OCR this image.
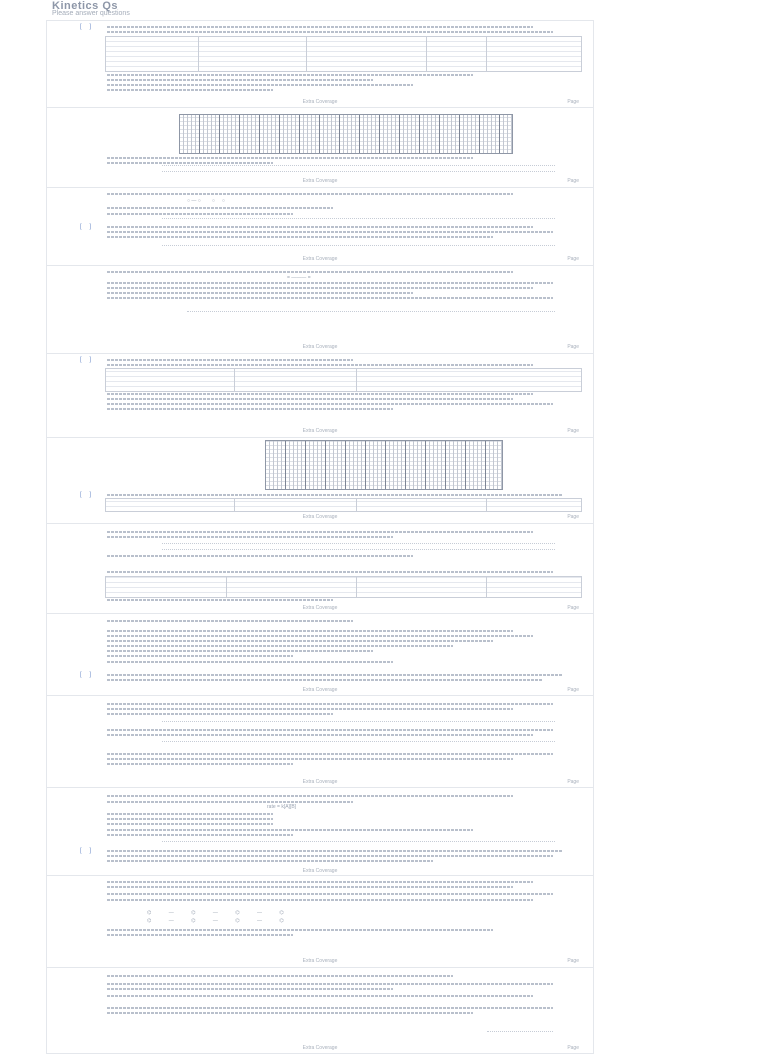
Kinetics Qs
Please answer questions
[ ]
Extra Coverage	Page
Extra Coverage	Page
○ — ○        ○     ○
[ ]
Extra Coverage	Page
= ——— =
Extra Coverage	Page
[ ]
Extra Coverage	Page
[ ]
Extra Coverage	Page
Extra Coverage	Page
[ ]
Extra Coverage	Page
Extra Coverage	Page
rate = k[A][B]
[ ]
Extra Coverage
⌬ — ⌬ — ⌬ — ⌬
⌬ — ⌬ — ⌬ — ⌬
Extra Coverage	Page
Extra Coverage	Page
